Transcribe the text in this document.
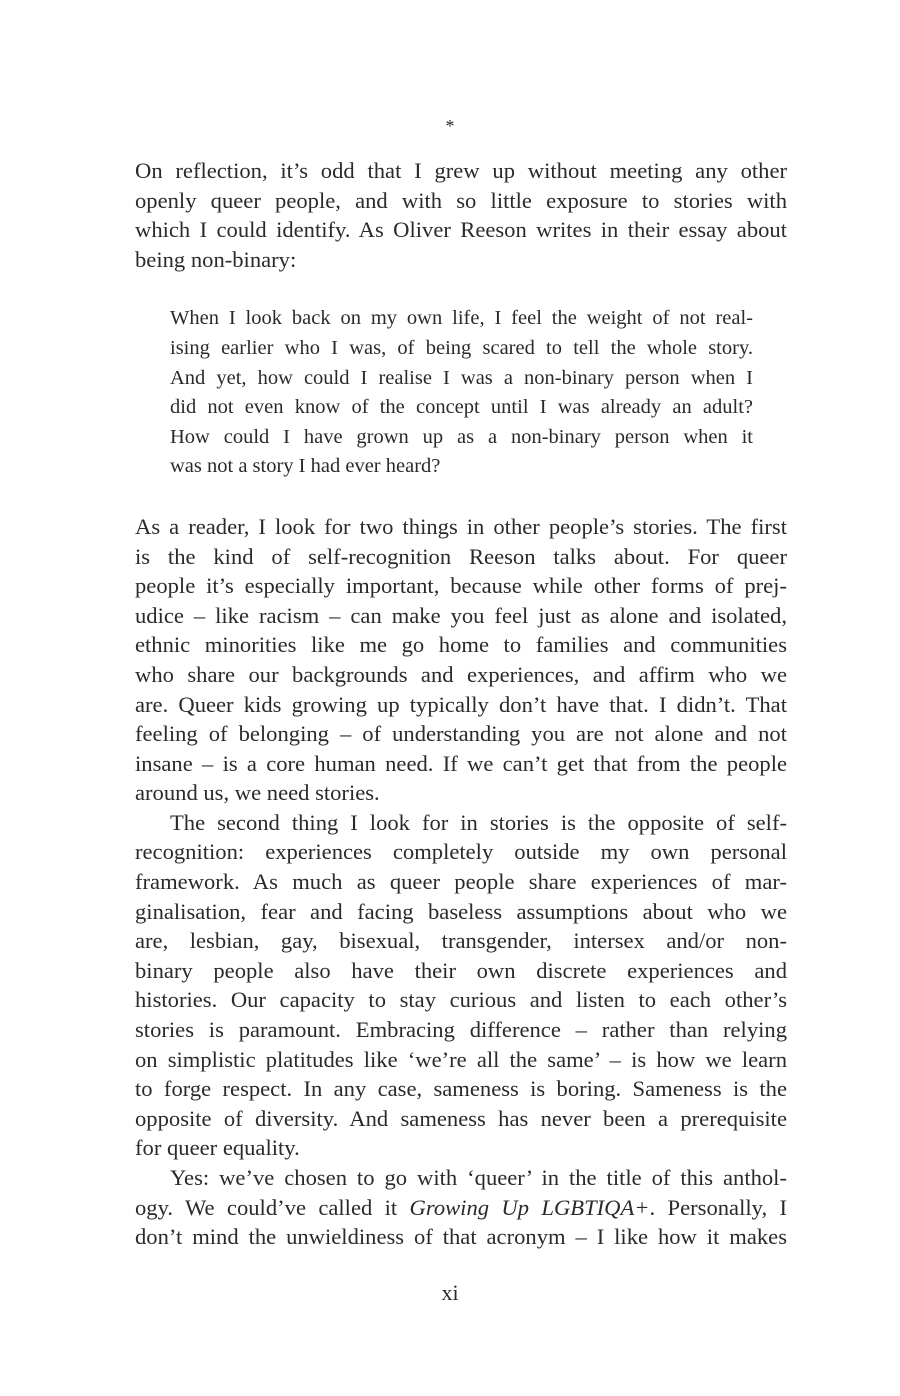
*

On reflection, it’s odd that I grew up without meeting any other
openly queer people, and with so little exposure to stories with
which I could identify. As Oliver Reeson writes in their essay about
being non-binary:

When I look back on my own life, I feel the weight of not real-
ising earlier who I was, of being scared to tell the whole story.
And yet, how could I realise I was a non-binary person when I
did not even know of the concept until I was already an adult?
How could I have grown up as a non-binary person when it
was not a story I had ever heard?

As a reader, I look for two things in other people’s stories. The first
is the kind of self-recognition Reeson talks about. For queer
people it’s especially important, because while other forms of prej-
udice – like racism – can make you feel just as alone and isolated,
ethnic minorities like me go home to families and communities
who share our backgrounds and experiences, and affirm who we
are. Queer kids growing up typically don’t have that. I didn’t. That
feeling of belonging – of understanding you are not alone and not
insane – is a core human need. If we can’t get that from the people
around us, we need stories.

The second thing I look for in stories is the opposite of self-
recognition: experiences completely outside my own personal
framework. As much as queer people share experiences of mar-
ginalisation, fear and facing baseless assumptions about who we
are, lesbian, gay, bisexual, transgender, intersex and/or non-
binary people also have their own discrete experiences and
histories. Our capacity to stay curious and listen to each other’s
stories is paramount. Embracing difference – rather than relying
on simplistic platitudes like ‘we’re all the same’ – is how we learn
to forge respect. In any case, sameness is boring. Sameness is the
opposite of diversity. And sameness has never been a prerequisite
for queer equality.

Yes: we’ve chosen to go with ‘queer’ in the title of this anthol-
ogy. We could’ve called it Growing Up LGBTIQA+. Personally, I
don’t mind the unwieldiness of that acronym – I like how it makes

xi
